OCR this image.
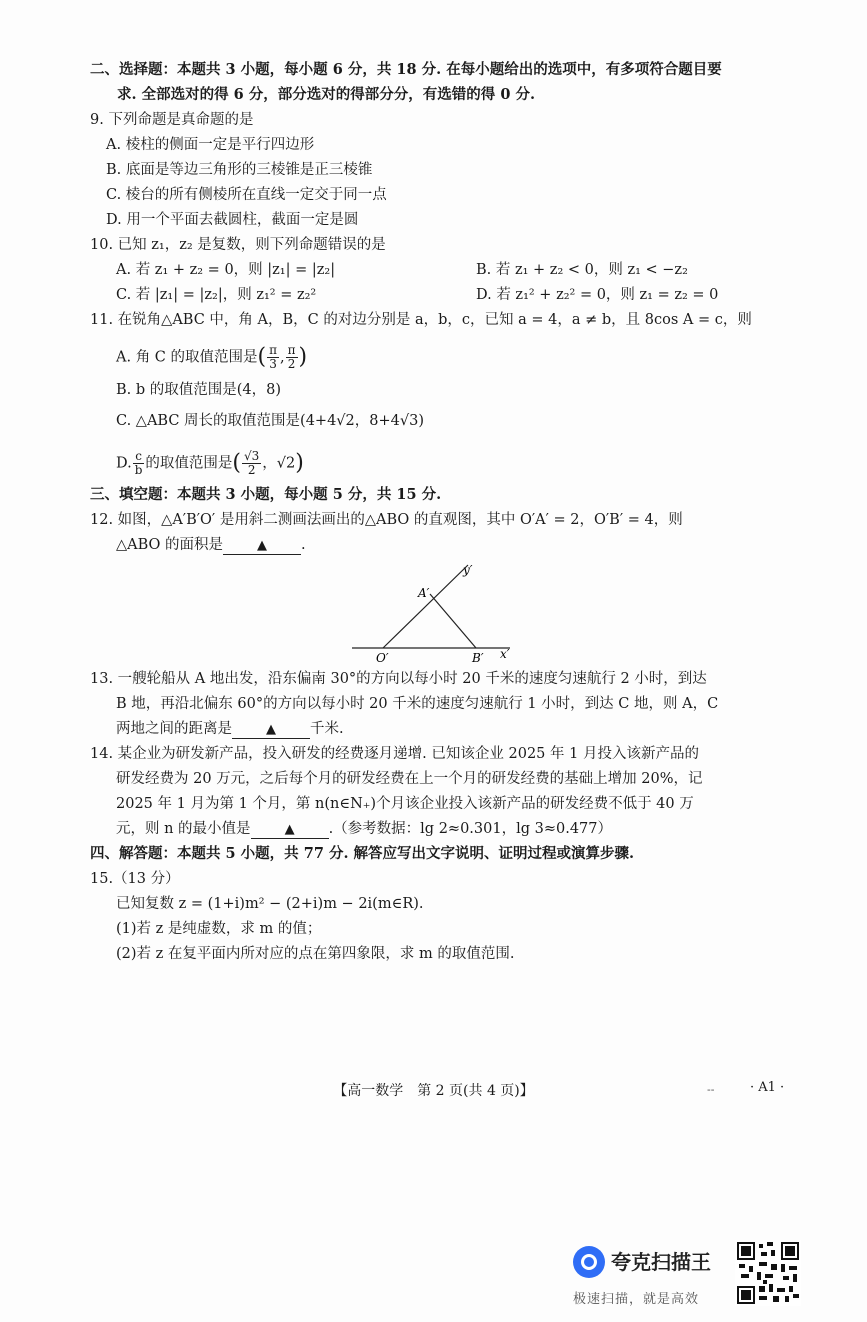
二、选择题：本题共 3 小题，每小题 6 分，共 18 分. 在每小题给出的选项中，有多项符合题目要
求. 全部选对的得 6 分，部分选对的得部分分，有选错的得 0 分.
9. 下列命题是真命题的是
A. 棱柱的侧面一定是平行四边形
B. 底面是等边三角形的三棱锥是正三棱锥
C. 棱台的所有侧棱所在直线一定交于同一点
D. 用一个平面去截圆柱，截面一定是圆
10. 已知 z₁，z₂ 是复数，则下列命题错误的是
A. 若 z₁ + z₂ = 0，则 |z₁| = |z₂|	B. 若 z₁ + z₂ < 0，则 z₁ < −z₂
C. 若 |z₁| = |z₂|，则 z₁² = z₂²	D. 若 z₁² + z₂² = 0，则 z₁ = z₂ = 0
11. 在锐角△ABC 中，角 A，B，C 的对边分别是 a，b，c，已知 a = 4，a ≠ b，且 8cos A = c，则
A. 角 C 的取值范围是( $\frac{\pi}{3}$ , $\frac{\pi}{2}$ )
B. b 的取值范围是(4，8)
C. △ABC 周长的取值范围是(4+4√2，8+4√3)
D. $\frac{c}{b}$ 的取值范围是( $\frac{√3}{2}$ ，√2)
三、填空题：本题共 3 小题，每小题 5 分，共 15 分.
12. 如图，△A′B′O′ 是用斜二测画法画出的△ABO 的直观图，其中 O′A′ = 2，O′B′ = 4，则
△ABO 的面积是	▲ .
y′
x′
A′
O′	B′
13. 一艘轮船从 A 地出发，沿东偏南 30°的方向以每小时 20 千米的速度匀速航行 2 小时，到达
B 地，再沿北偏东 60°的方向以每小时 20 千米的速度匀速航行 1 小时，到达 C 地，则 A，C
两地之间的距离是	▲ 千米.
14. 某企业为研发新产品，投入研发的经费逐月递增. 已知该企业 2025 年 1 月投入该新产品的
研发经费为 20 万元，之后每个月的研发经费在上一个月的研发经费的基础上增加 20%，记
2025 年 1 月为第 1 个月，第 n(n∈N₊)个月该企业投入该新产品的研发经费不低于 40 万
元，则 n 的最小值是	▲ .（参考数据：lg 2≈0.301，lg 3≈0.477）
四、解答题：本题共 5 小题，共 77 分. 解答应写出文字说明、证明过程或演算步骤.
15.（13 分）
已知复数 z = (1+i)m² − (2+i)m − 2i(m∈R).
(1)若 z 是纯虚数，求 m 的值；
(2)若 z 在复平面内所对应的点在第四象限，求 m 的取值范围.
【高一数学　第 2 页(共 4 页)】	--	· A1 ·
夸克扫描王
极速扫描，就是高效
